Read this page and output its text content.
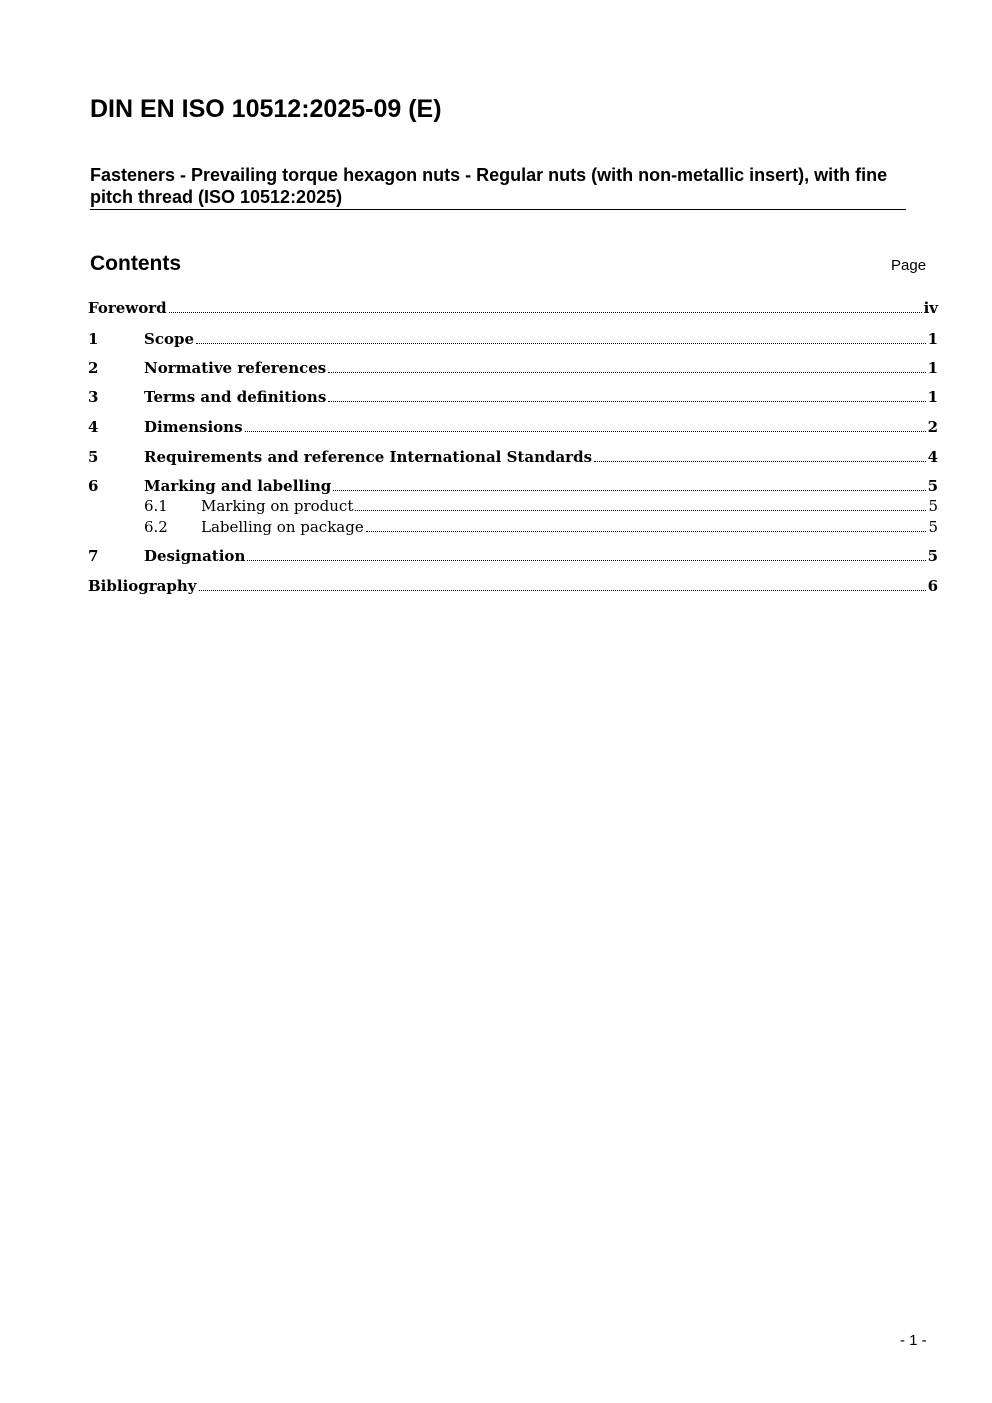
DIN EN ISO 10512:2025-09 (E)
Fasteners - Prevailing torque hexagon nuts - Regular nuts (with non-metallic insert), with fine pitch thread (ISO 10512:2025)
Contents	Page
Foreword	iv
1	Scope	1
2	Normative references	1
3	Terms and definitions	1
4	Dimensions	2
5	Requirements and reference International Standards	4
6	Marking and labelling	5
6.1	Marking on product	5
6.2	Labelling on package	5
7	Designation	5
Bibliography	6
- 1 -
